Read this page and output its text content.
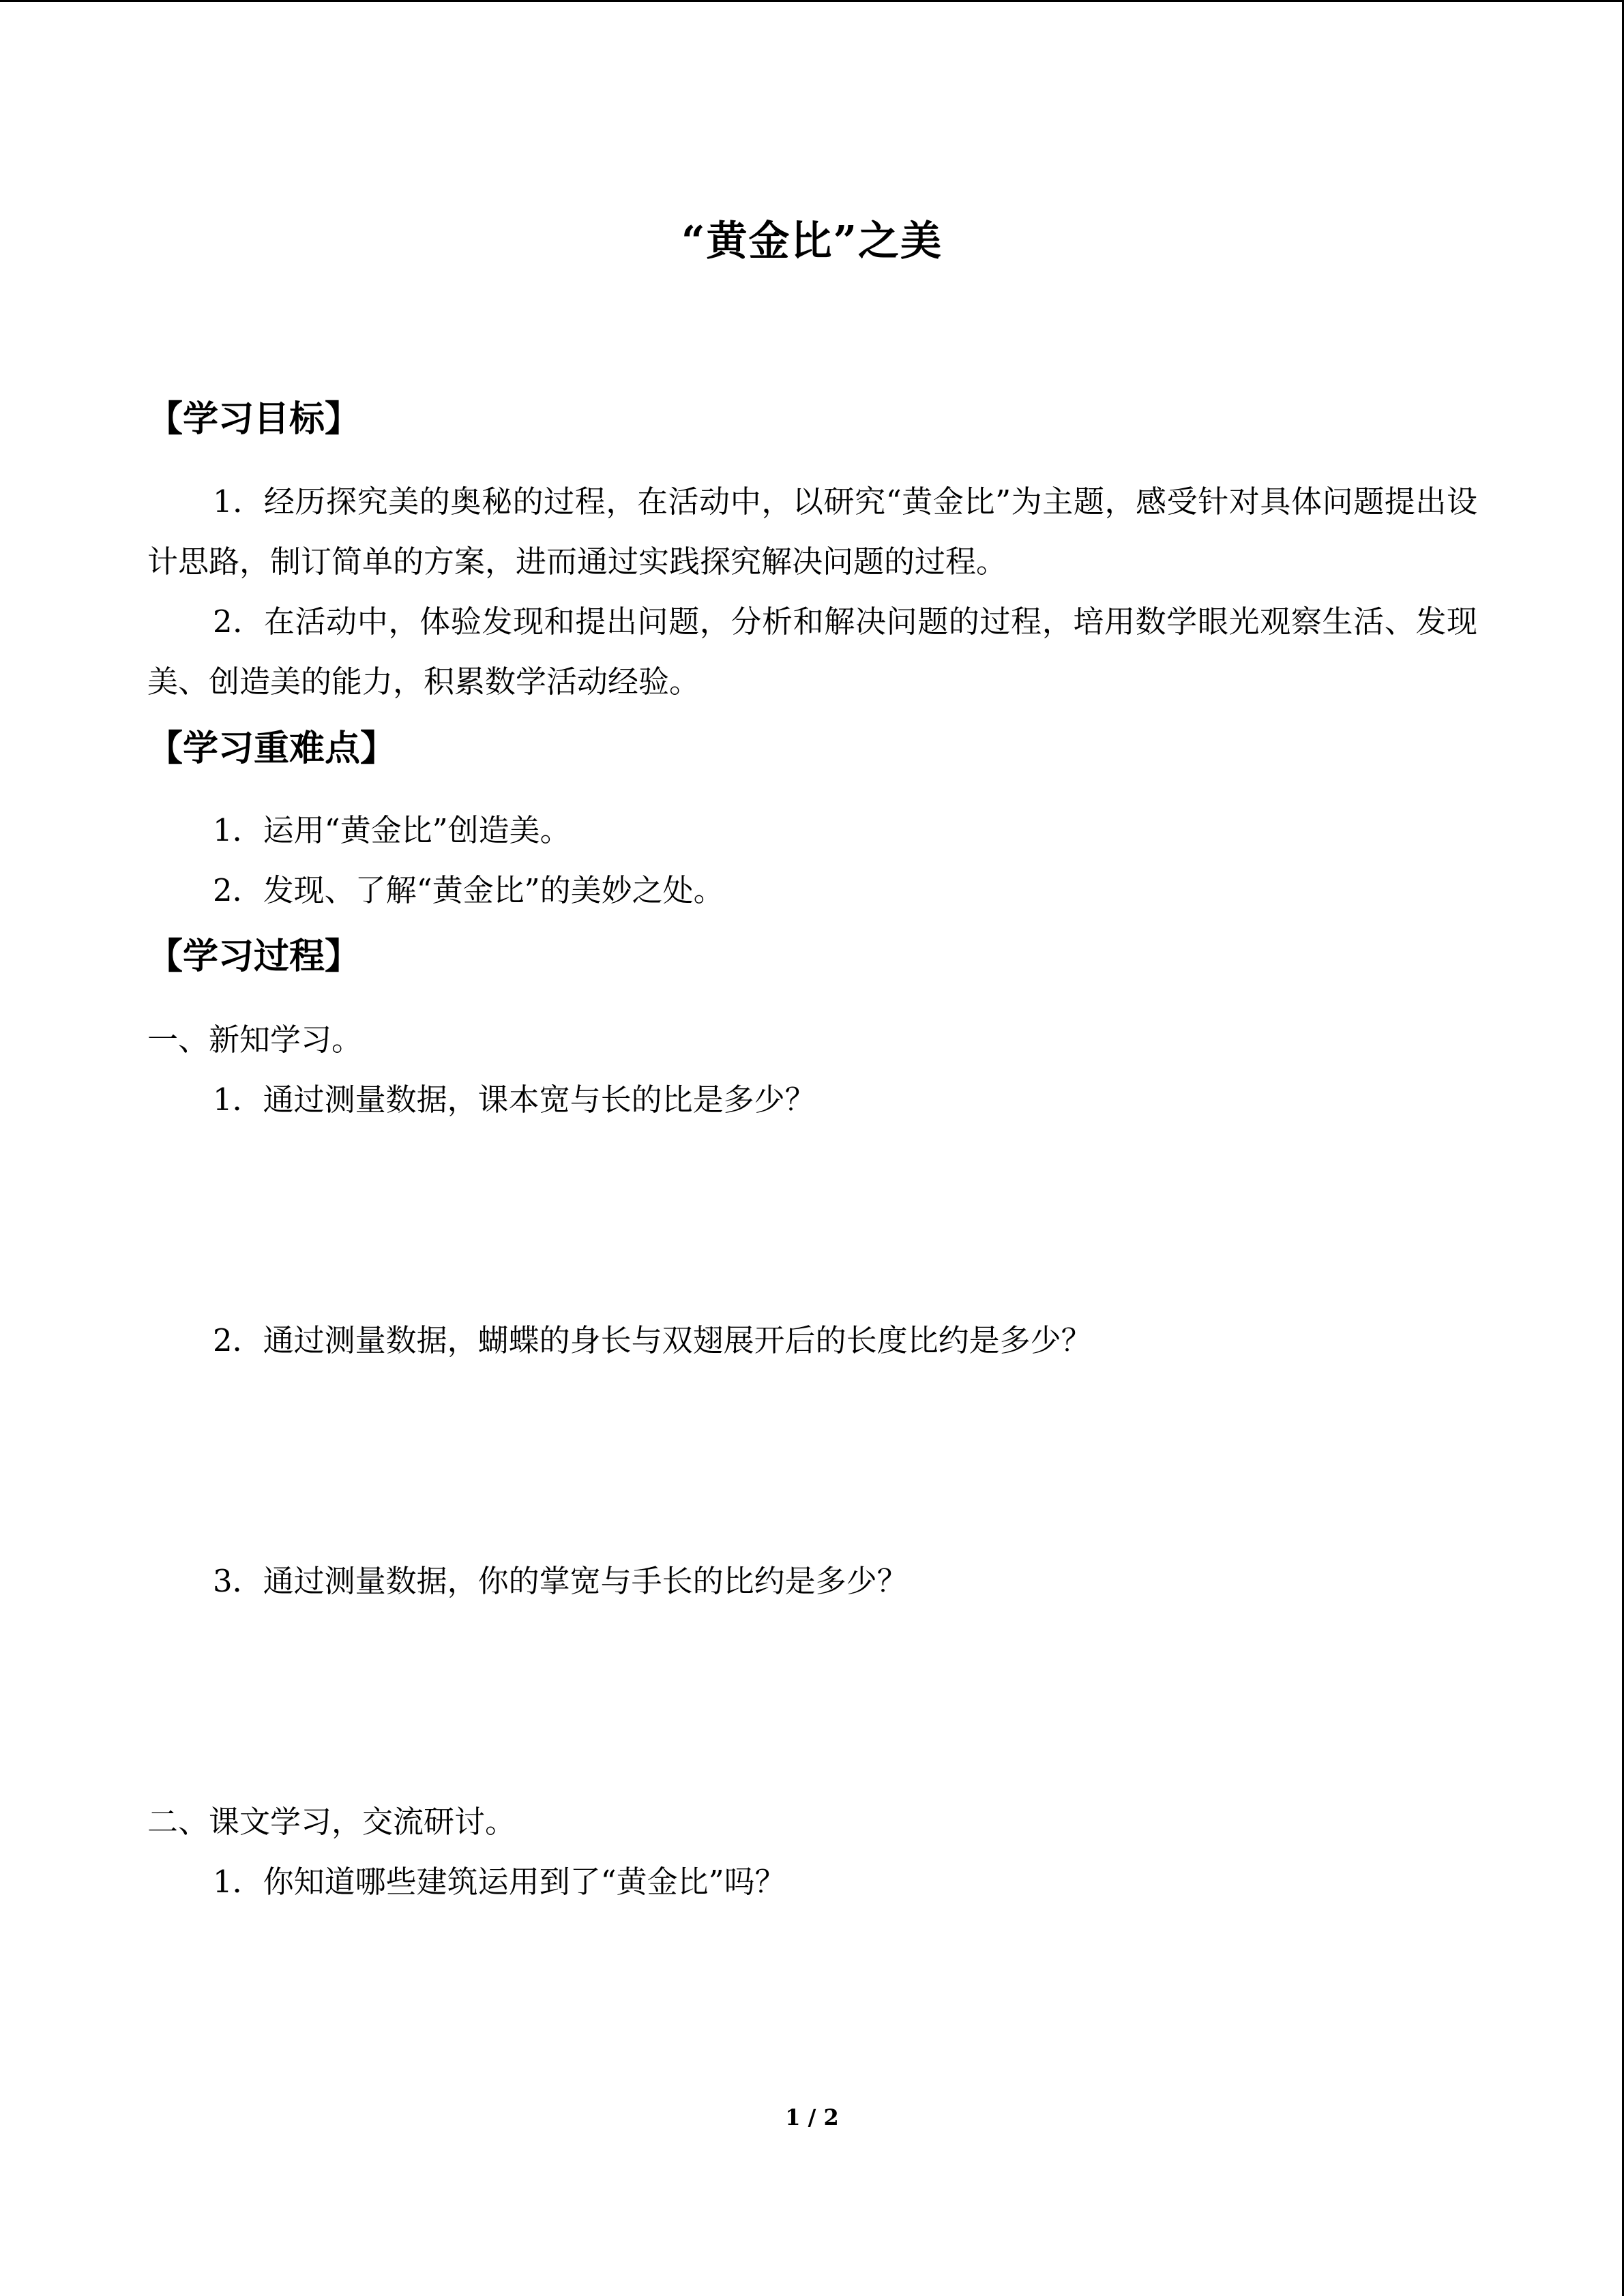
“黄金比”之美
【学习目标】
1．经历探究美的奥秘的过程，在活动中，以研究“黄金比”为主题，感受针对具体问题提出设计思路，制订简单的方案，进而通过实践探究解决问题的过程。
2．在活动中，体验发现和提出问题，分析和解决问题的过程，培用数学眼光观察生活、发现美、创造美的能力，积累数学活动经验。
【学习重难点】
1．运用“黄金比”创造美。
2．发现、了解“黄金比”的美妙之处。
【学习过程】
一、新知学习。
1．通过测量数据，课本宽与长的比是多少？
2．通过测量数据，蝴蝶的身长与双翅展开后的长度比约是多少？
3．通过测量数据，你的掌宽与手长的比约是多少？
二、课文学习，交流研讨。
1．你知道哪些建筑运用到了“黄金比”吗？
1 / 2
